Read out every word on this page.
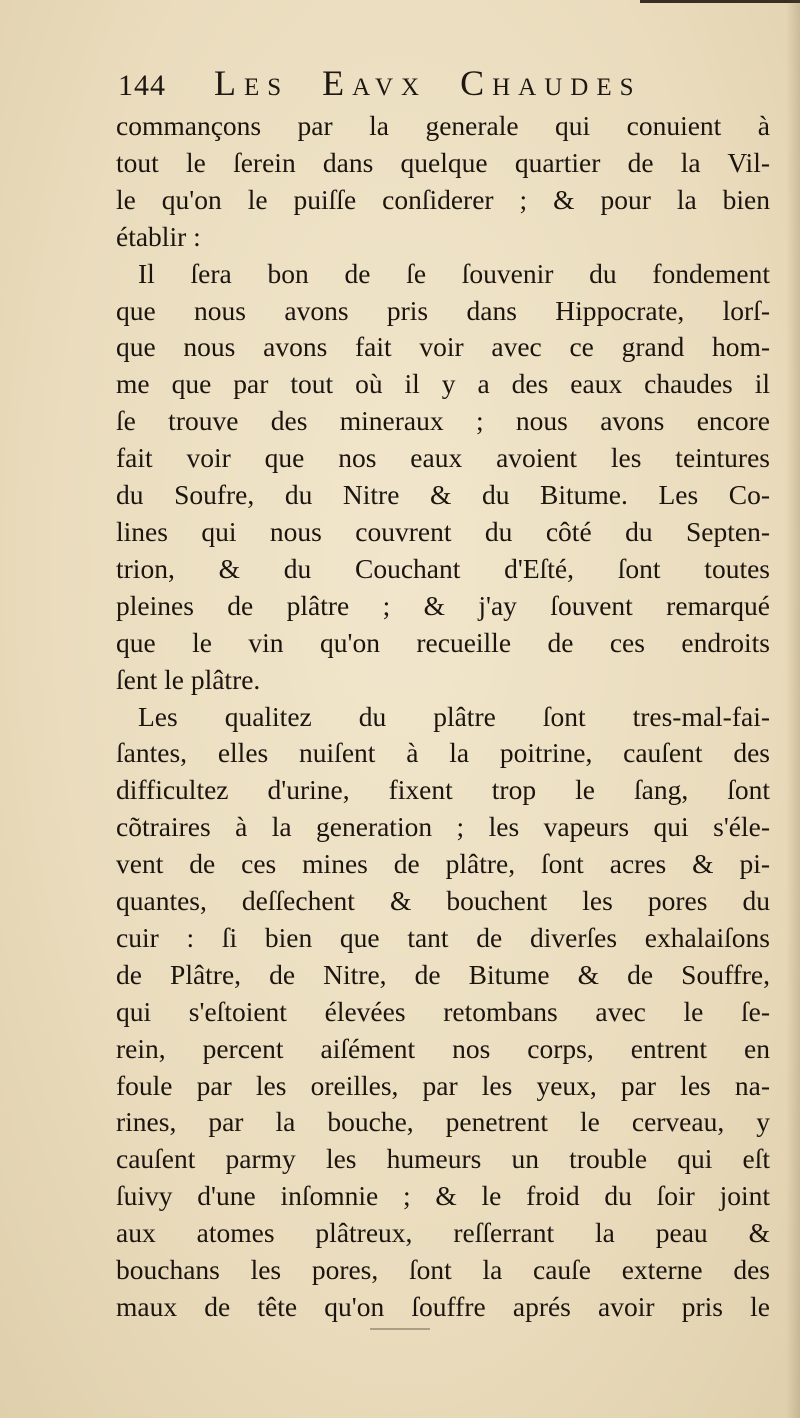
144 Les Eavx Chaudes
commançons par la generale qui conuient à
tout le ſerein dans quelque quartier de la Vil-
le qu'on le puiſſe conſiderer ; & pour la bien
établir :
Il ſera bon de ſe ſouvenir du fondement
que nous avons pris dans Hippocrate, lorſ-
que nous avons fait voir avec ce grand hom-
me que par tout où il y a des eaux chaudes il
ſe trouve des mineraux ; nous avons encore
fait voir que nos eaux avoient les teintures
du Soufre, du Nitre & du Bitume. Les Co-
lines qui nous couvrent du côté du Septen-
trion, & du Couchant d'Eſté, ſont toutes
pleines de plâtre ; & j'ay ſouvent remarqué
que le vin qu'on recueille de ces endroits
ſent le plâtre.
Les qualitez du plâtre ſont tres-mal-fai-
ſantes, elles nuiſent à la poitrine, cauſent des
difficultez d'urine, fixent trop le ſang, ſont
cõtraires à la generation ; les vapeurs qui s'éle-
vent de ces mines de plâtre, ſont acres & pi-
quantes, deſſechent & bouchent les pores du
cuir : ſi bien que tant de diverſes exhalaiſons
de Plâtre, de Nitre, de Bitume & de Souffre,
qui s'eſtoient élevées retombans avec le ſe-
rein, percent aiſément nos corps, entrent en
foule par les oreilles, par les yeux, par les na-
rines, par la bouche, penetrent le cerveau, y
cauſent parmy les humeurs un trouble qui eſt
ſuivy d'une inſomnie ; & le froid du ſoir joint
aux atomes plâtreux, reſſerrant la peau &
bouchans les pores, ſont la cauſe externe des
maux de tête qu'on ſouffre aprés avoir pris le
